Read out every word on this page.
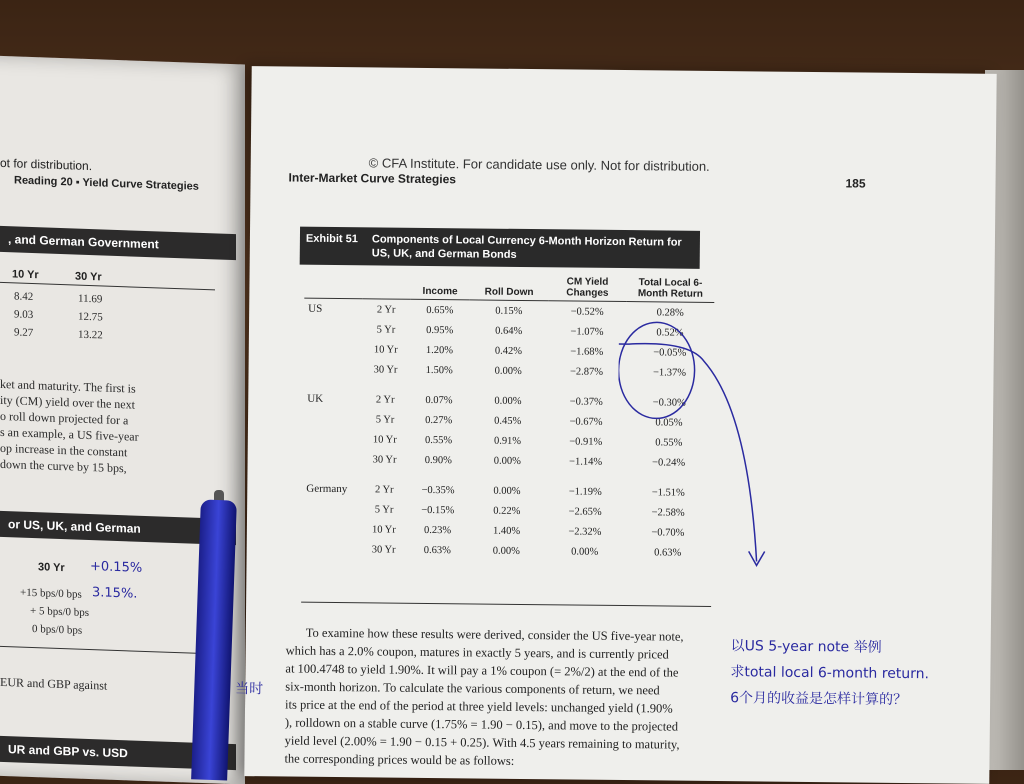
ot for distribution.
Reading 20 ▪ Yield Curve Strategies
, and German Government
10 Yr	30 Yr
8.42	11.69
9.03	12.75
9.27	13.22
ket and maturity. The first is
ity (CM) yield over the next
o roll down projected for a
s an example, a US five-year
op increase in the constant
down the curve by 15 bps,
or US, UK, and German
30 Yr +0.15%
+15 bps/0 bps 3.15%.
+ 5 bps/0 bps
0 bps/0 bps
EUR and GBP against
UR and GBP vs. USD
© CFA Institute. For candidate use only. Not for distribution.
Inter-Market Curve Strategies	185
Exhibit 51 Components of Local Currency 6-Month Horizon Return for US, UK, and German Bonds
		Income	Roll Down	CM Yield Changes	Total Local 6-Month Return
US	2 Yr	0.65%	0.15%	−0.52%	0.28%
	5 Yr	0.95%	0.64%	−1.07%	0.52%
	10 Yr	1.20%	0.42%	−1.68%	−0.05%
	30 Yr	1.50%	0.00%	−2.87%	−1.37%

UK	2 Yr	0.07%	0.00%	−0.37%	−0.30%
	5 Yr	0.27%	0.45%	−0.67%	0.05%
	10 Yr	0.55%	0.91%	−0.91%	0.55%
	30 Yr	0.90%	0.00%	−1.14%	−0.24%

Germany	2 Yr	−0.35%	0.00%	−1.19%	−1.51%
	5 Yr	−0.15%	0.22%	−2.65%	−2.58%
	10 Yr	0.23%	1.40%	−2.32%	−0.70%
	30 Yr	0.63%	0.00%	0.00%	0.63%
To examine how these results were derived, consider the US five-year note,
which has a 2.0% coupon, matures in exactly 5 years, and is currently priced
at 100.4748 to yield 1.90%. It will pay a 1% coupon (= 2%/2) at the end of the
six-month horizon. To calculate the various components of return, we need
its price at the end of the period at three yield levels: unchanged yield (1.90%
), rolldown on a stable curve (1.75% = 1.90 − 0.15), and move to the projected
yield level (2.00% = 1.90 − 0.15 + 0.25). With 4.5 years remaining to maturity,
the corresponding prices would be as follows:
当时
以US 5-year note 举例
求total local 6-month return.
6个月的收益是怎样计算的？
